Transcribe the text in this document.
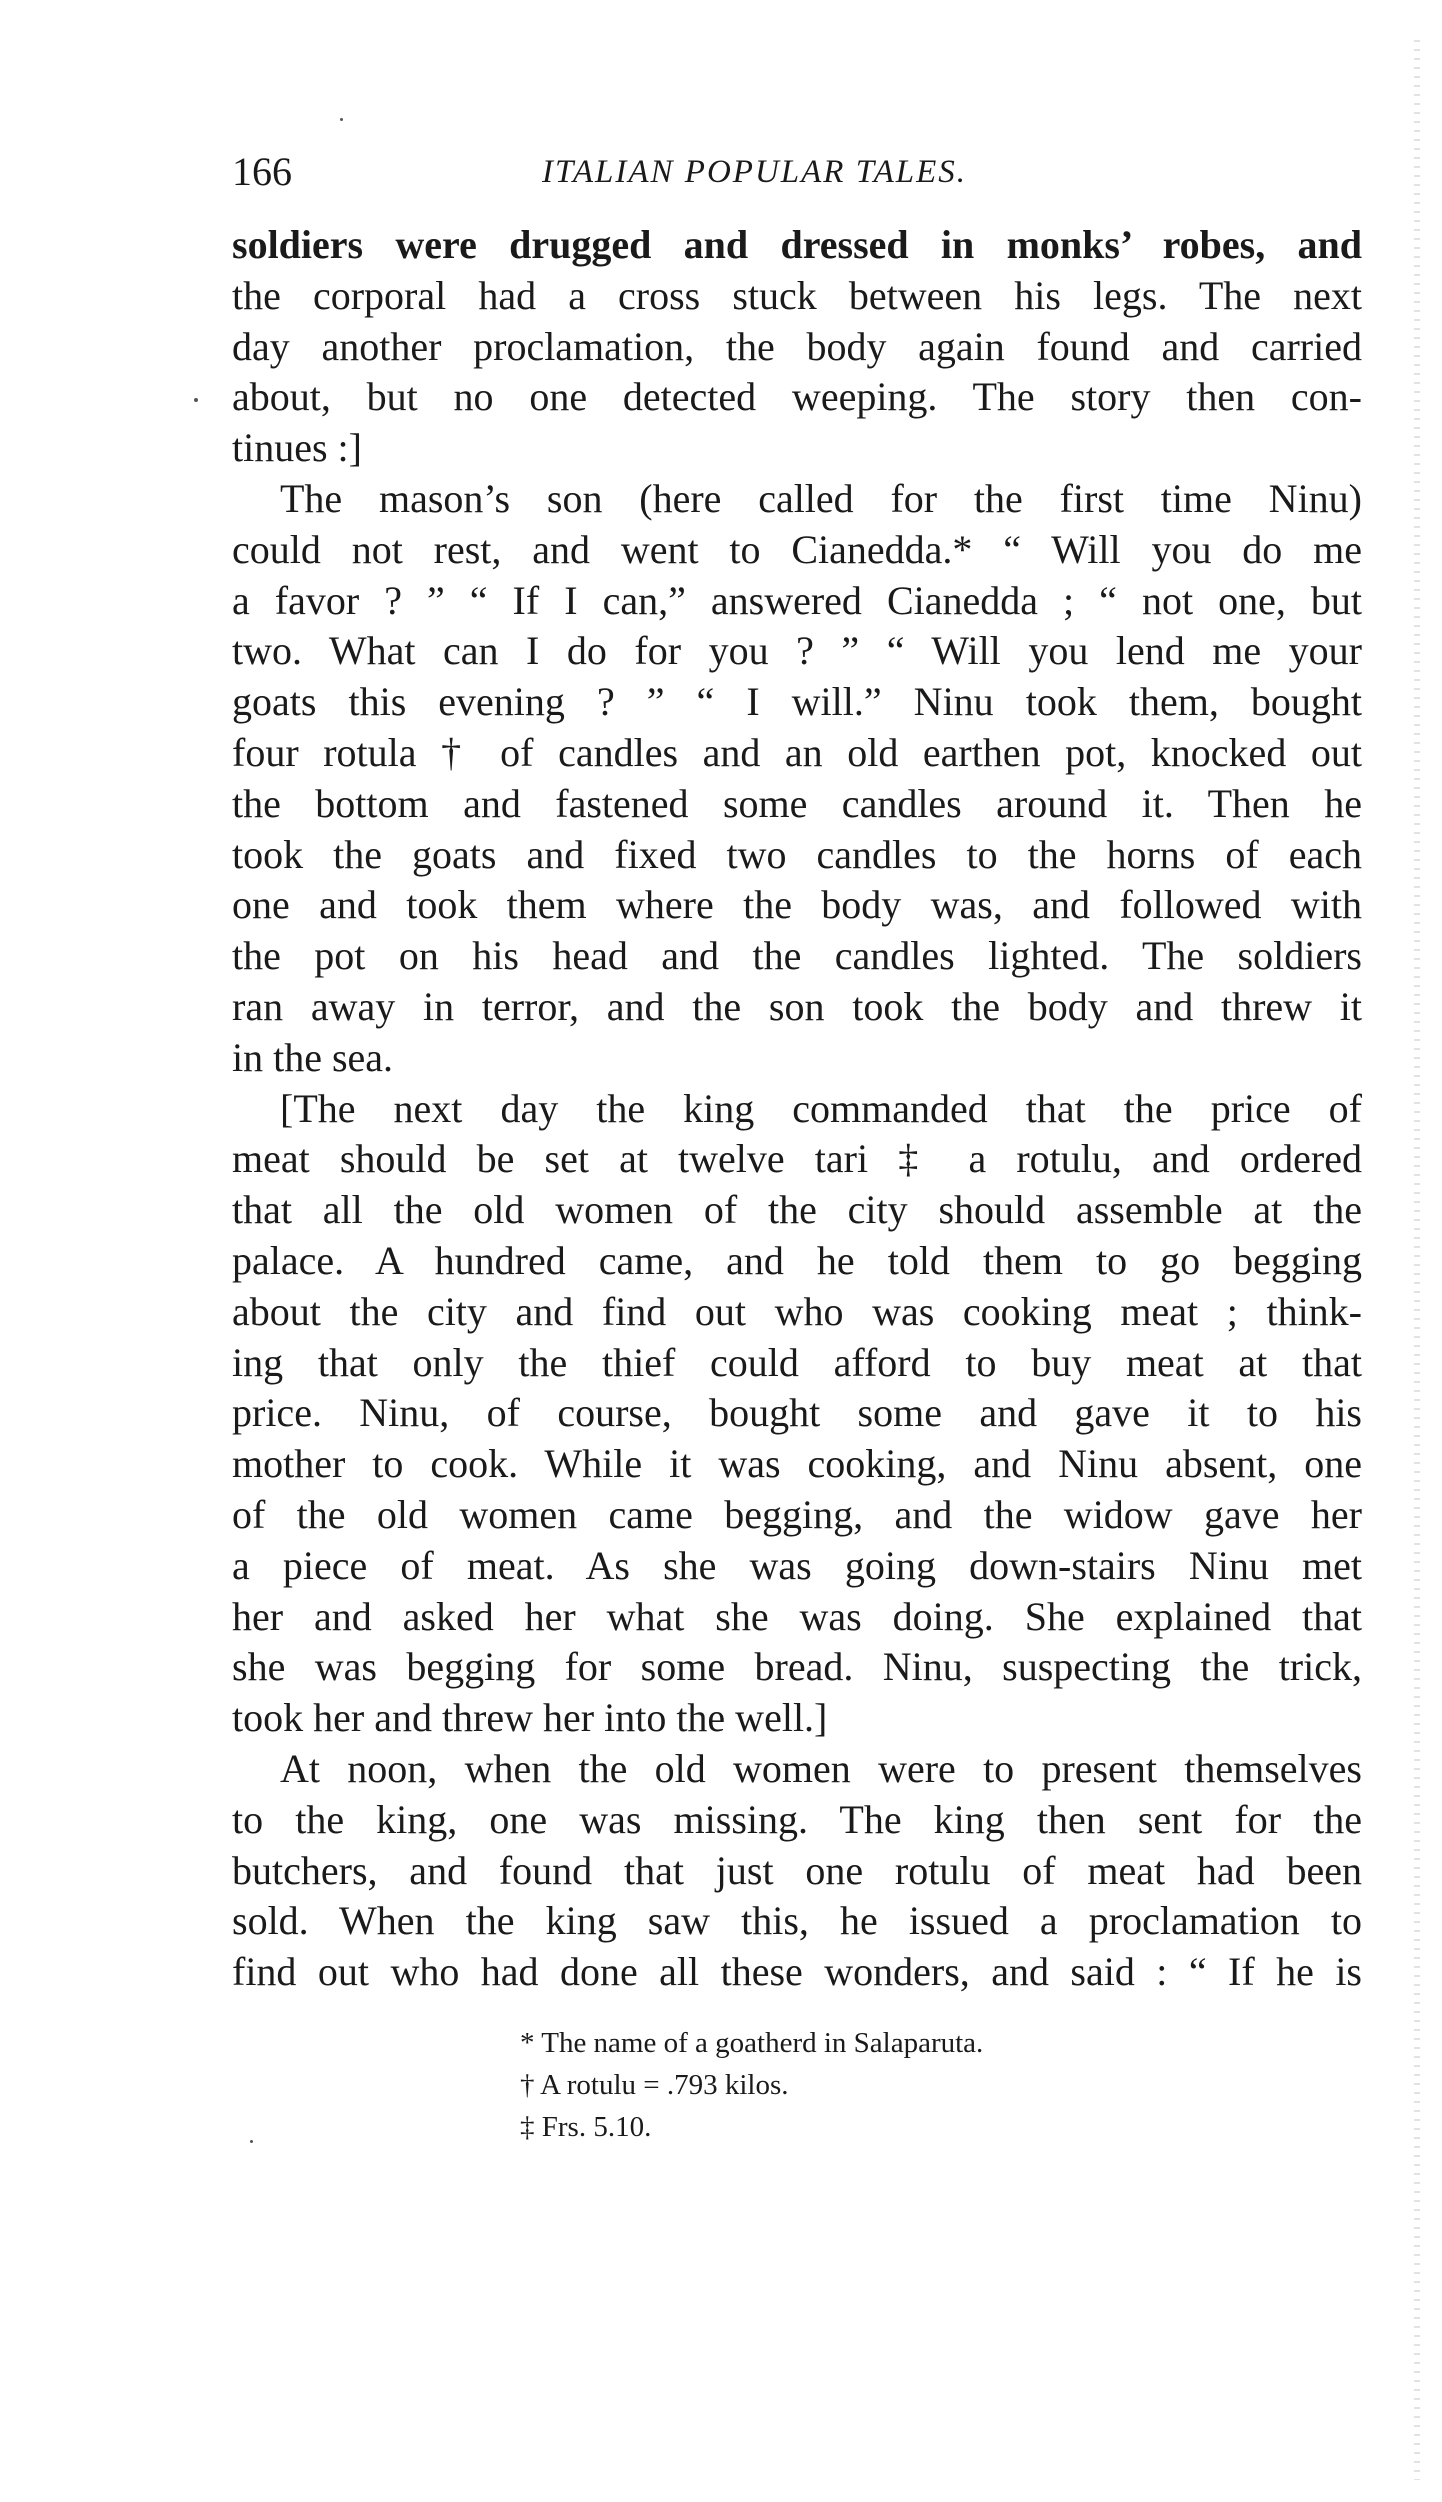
166	ITALIAN POPULAR TALES.
soldiers were drugged and dressed in monks’ robes, and
the corporal had a cross stuck between his legs. The next
day another proclamation, the body again found and carried
about, but no one detected weeping. The story then con-
tinues :]
The mason’s son (here called for the first time Ninu)
could not rest, and went to Cianedda.* “ Will you do me
a favor ? ” “ If I can,” answered Cianedda ; “ not one, but
two. What can I do for you ? ” “ Will you lend me your
goats this evening ? ” “ I will.” Ninu took them, bought
four rotula † of candles and an old earthen pot, knocked out
the bottom and fastened some candles around it. Then he
took the goats and fixed two candles to the horns of each
one and took them where the body was, and followed with
the pot on his head and the candles lighted. The soldiers
ran away in terror, and the son took the body and threw it
in the sea.
[The next day the king commanded that the price of
meat should be set at twelve tari ‡ a rotulu, and ordered
that all the old women of the city should assemble at the
palace. A hundred came, and he told them to go begging
about the city and find out who was cooking meat ; think-
ing that only the thief could afford to buy meat at that
price. Ninu, of course, bought some and gave it to his
mother to cook. While it was cooking, and Ninu absent, one
of the old women came begging, and the widow gave her
a piece of meat. As she was going down-stairs Ninu met
her and asked her what she was doing. She explained that
she was begging for some bread. Ninu, suspecting the trick,
took her and threw her into the well.]
At noon, when the old women were to present themselves
to the king, one was missing. The king then sent for the
butchers, and found that just one rotulu of meat had been
sold. When the king saw this, he issued a proclamation to
find out who had done all these wonders, and said : “ If he is
* The name of a goatherd in Salaparuta.
† A rotulu = .793 kilos.
‡ Frs. 5.10.
